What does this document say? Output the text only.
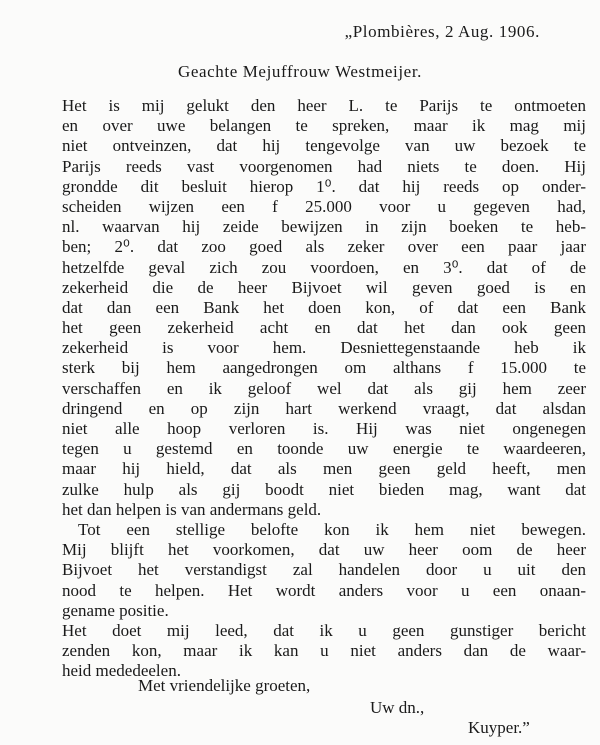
„Plombières, 2 Aug. 1906.
Geachte Mejuffrouw Westmeijer.
Het is mij gelukt den heer L. te Parijs te ontmoeten
en over uwe belangen te spreken, maar ik mag mij
niet ontveinzen, dat hij tengevolge van uw bezoek te
Parijs reeds vast voorgenomen had niets te doen. Hij
grondde dit besluit hierop 1⁰. dat hij reeds op onder-
scheiden wijzen een f 25.000 voor u gegeven had,
nl. waarvan hij zeide bewijzen in zijn boeken te heb-
ben; 2⁰. dat zoo goed als zeker over een paar jaar
hetzelfde geval zich zou voordoen, en 3⁰. dat of de
zekerheid die de heer Bijvoet wil geven goed is en
dat dan een Bank het doen kon, of dat een Bank
het geen zekerheid acht en dat het dan ook geen
zekerheid is voor hem. Desniettegenstaande heb ik
sterk bij hem aangedrongen om althans f 15.000 te
verschaffen en ik geloof wel dat als gij hem zeer
dringend en op zijn hart werkend vraagt, dat alsdan
niet alle hoop verloren is. Hij was niet ongenegen
tegen u gestemd en toonde uw energie te waardeeren,
maar hij hield, dat als men geen geld heeft, men
zulke hulp als gij boodt niet bieden mag, want dat
het dan helpen is van andermans geld.
Tot een stellige belofte kon ik hem niet bewegen.
Mij blijft het voorkomen, dat uw heer oom de heer
Bijvoet het verstandigst zal handelen door u uit den
nood te helpen. Het wordt anders voor u een onaan-
gename positie.
Het doet mij leed, dat ik u geen gunstiger bericht
zenden kon, maar ik kan u niet anders dan de waar-
heid mededeelen.
Met vriendelijke groeten,
Uw dn.,
Kuyper.”
